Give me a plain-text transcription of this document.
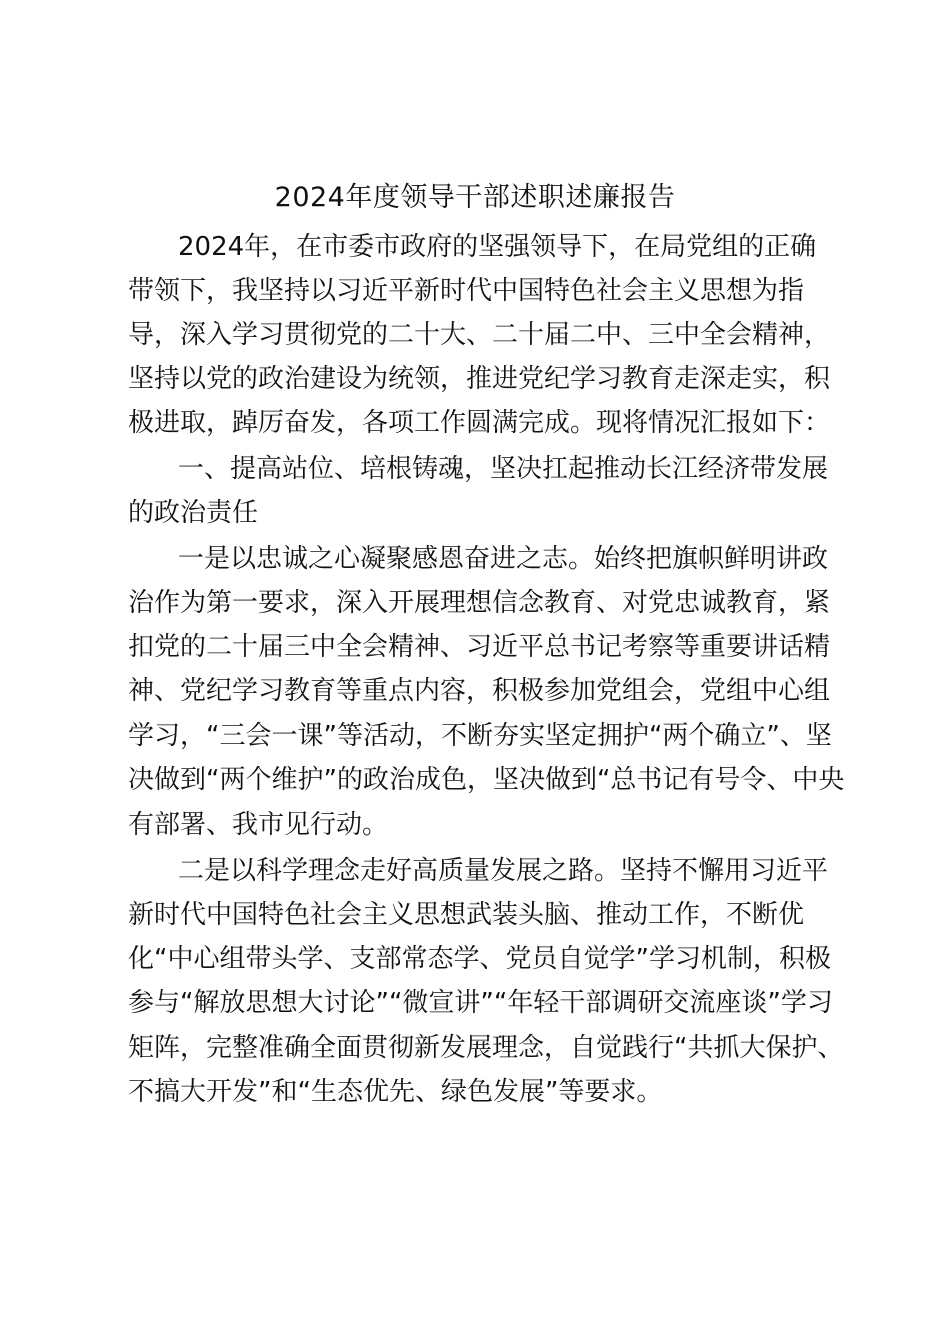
2024年度领导干部述职述廉报告

2024年，在市委市政府的坚强领导下，在局党组的正确

带领下，我坚持以习近平新时代中国特色社会主义思想为指

导，深入学习贯彻党的二十大、二十届二中、三中全会精神，

坚持以党的政治建设为统领，推进党纪学习教育走深走实，积

极进取，踔厉奋发，各项工作圆满完成。现将情况汇报如下：

一、提高站位、培根铸魂，坚决扛起推动长江经济带发展

的政治责任

一是以忠诚之心凝聚感恩奋进之志。始终把旗帜鲜明讲政

治作为第一要求，深入开展理想信念教育、对党忠诚教育，紧

扣党的二十届三中全会精神、习近平总书记考察等重要讲话精

神、党纪学习教育等重点内容，积极参加党组会，党组中心组

学习，“三会一课”等活动，不断夯实坚定拥护“两个确立”、坚

决做到“两个维护”的政治成色，坚决做到“总书记有号令、中央

有部署、我市见行动。

二是以科学理念走好高质量发展之路。坚持不懈用习近平

新时代中国特色社会主义思想武装头脑、推动工作，不断优

化“中心组带头学、支部常态学、党员自觉学”学习机制，积极

参与“解放思想大讨论”“微宣讲”“年轻干部调研交流座谈”学习

矩阵，完整准确全面贯彻新发展理念，自觉践行“共抓大保护、

不搞大开发”和“生态优先、绿色发展”等要求。
